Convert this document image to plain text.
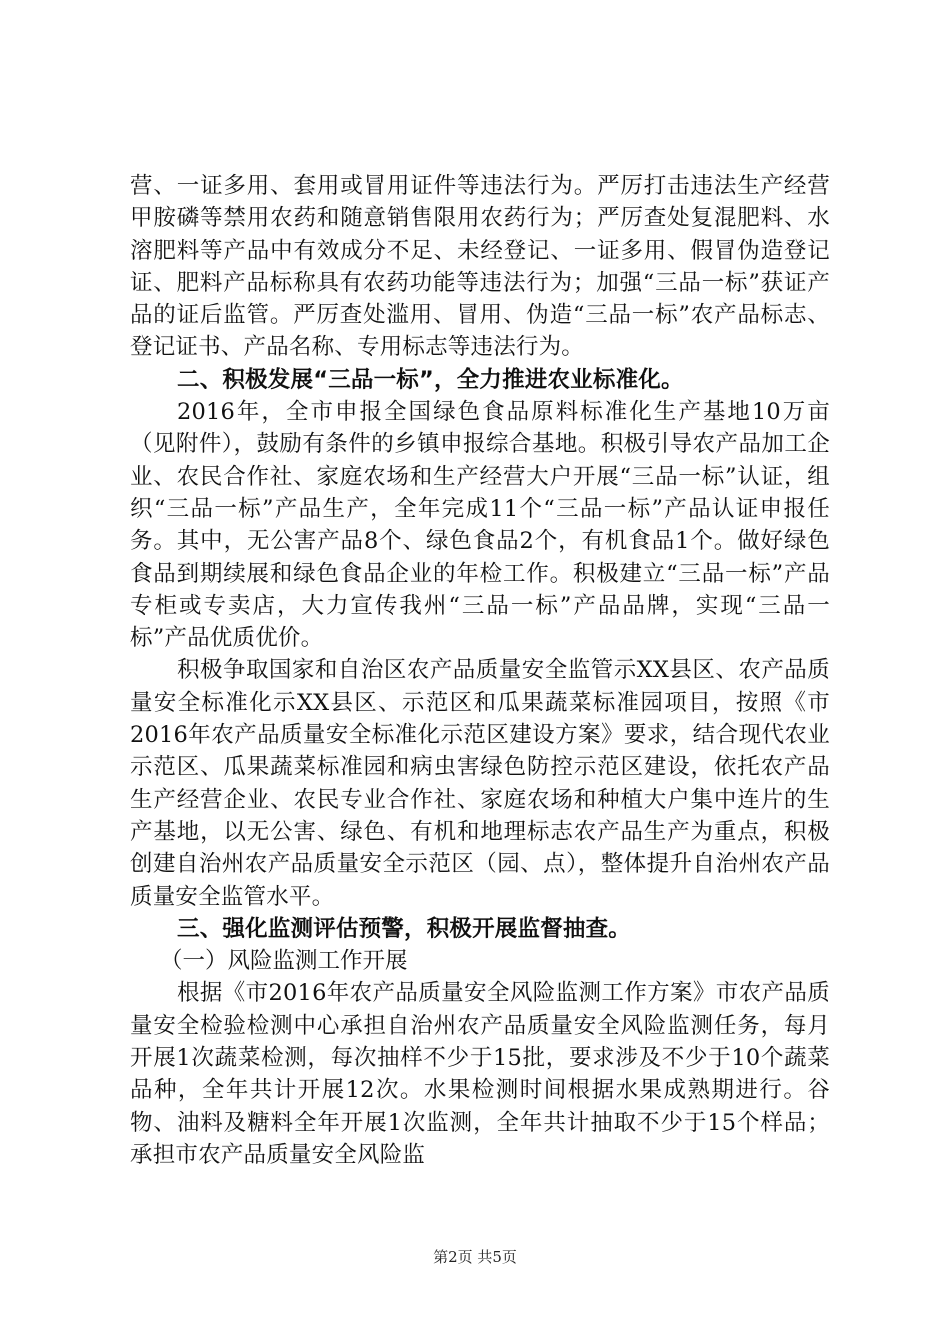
营、一证多用、套用或冒用证件等违法行为。严厉打击违法生产经营甲胺磷等禁用农药和随意销售限用农药行为；严厉查处复混肥料、水溶肥料等产品中有效成分不足、未经登记、一证多用、假冒伪造登记证、肥料产品标称具有农药功能等违法行为；加强“三品一标”获证产品的证后监管。严厉查处滥用、冒用、伪造“三品一标”农产品标志、登记证书、产品名称、专用标志等违法行为。

二、积极发展“三品一标”，全力推进农业标准化。

2016年，全市申报全国绿色食品原料标准化生产基地10万亩（见附件），鼓励有条件的乡镇申报综合基地。积极引导农产品加工企业、农民合作社、家庭农场和生产经营大户开展“三品一标”认证，组织“三品一标”产品生产，全年完成11个“三品一标”产品认证申报任务。其中，无公害产品8个、绿色食品2个，有机食品1个。做好绿色食品到期续展和绿色食品企业的年检工作。积极建立“三品一标”产品专柜或专卖店，大力宣传我州“三品一标”产品品牌，实现“三品一标”产品优质优价。

积极争取国家和自治区农产品质量安全监管示XX县区、农产品质量安全标准化示XX县区、示范区和瓜果蔬菜标准园项目，按照《市2016年农产品质量安全标准化示范区建设方案》要求，结合现代农业示范区、瓜果蔬菜标准园和病虫害绿色防控示范区建设，依托农产品生产经营企业、农民专业合作社、家庭农场和种植大户集中连片的生产基地，以无公害、绿色、有机和地理标志农产品生产为重点，积极创建自治州农产品质量安全示范区（园、点），整体提升自治州农产品质量安全监管水平。

三、强化监测评估预警，积极开展监督抽查。

（一）风险监测工作开展

根据《市2016年农产品质量安全风险监测工作方案》市农产品质量安全检验检测中心承担自治州农产品质量安全风险监测任务，每月开展1次蔬菜检测，每次抽样不少于15批，要求涉及不少于10个蔬菜品种，全年共计开展12次。水果检测时间根据水果成熟期进行。谷物、油料及糖料全年开展1次监测，全年共计抽取不少于15个样品；承担市农产品质量安全风险监

第2页 共5页
